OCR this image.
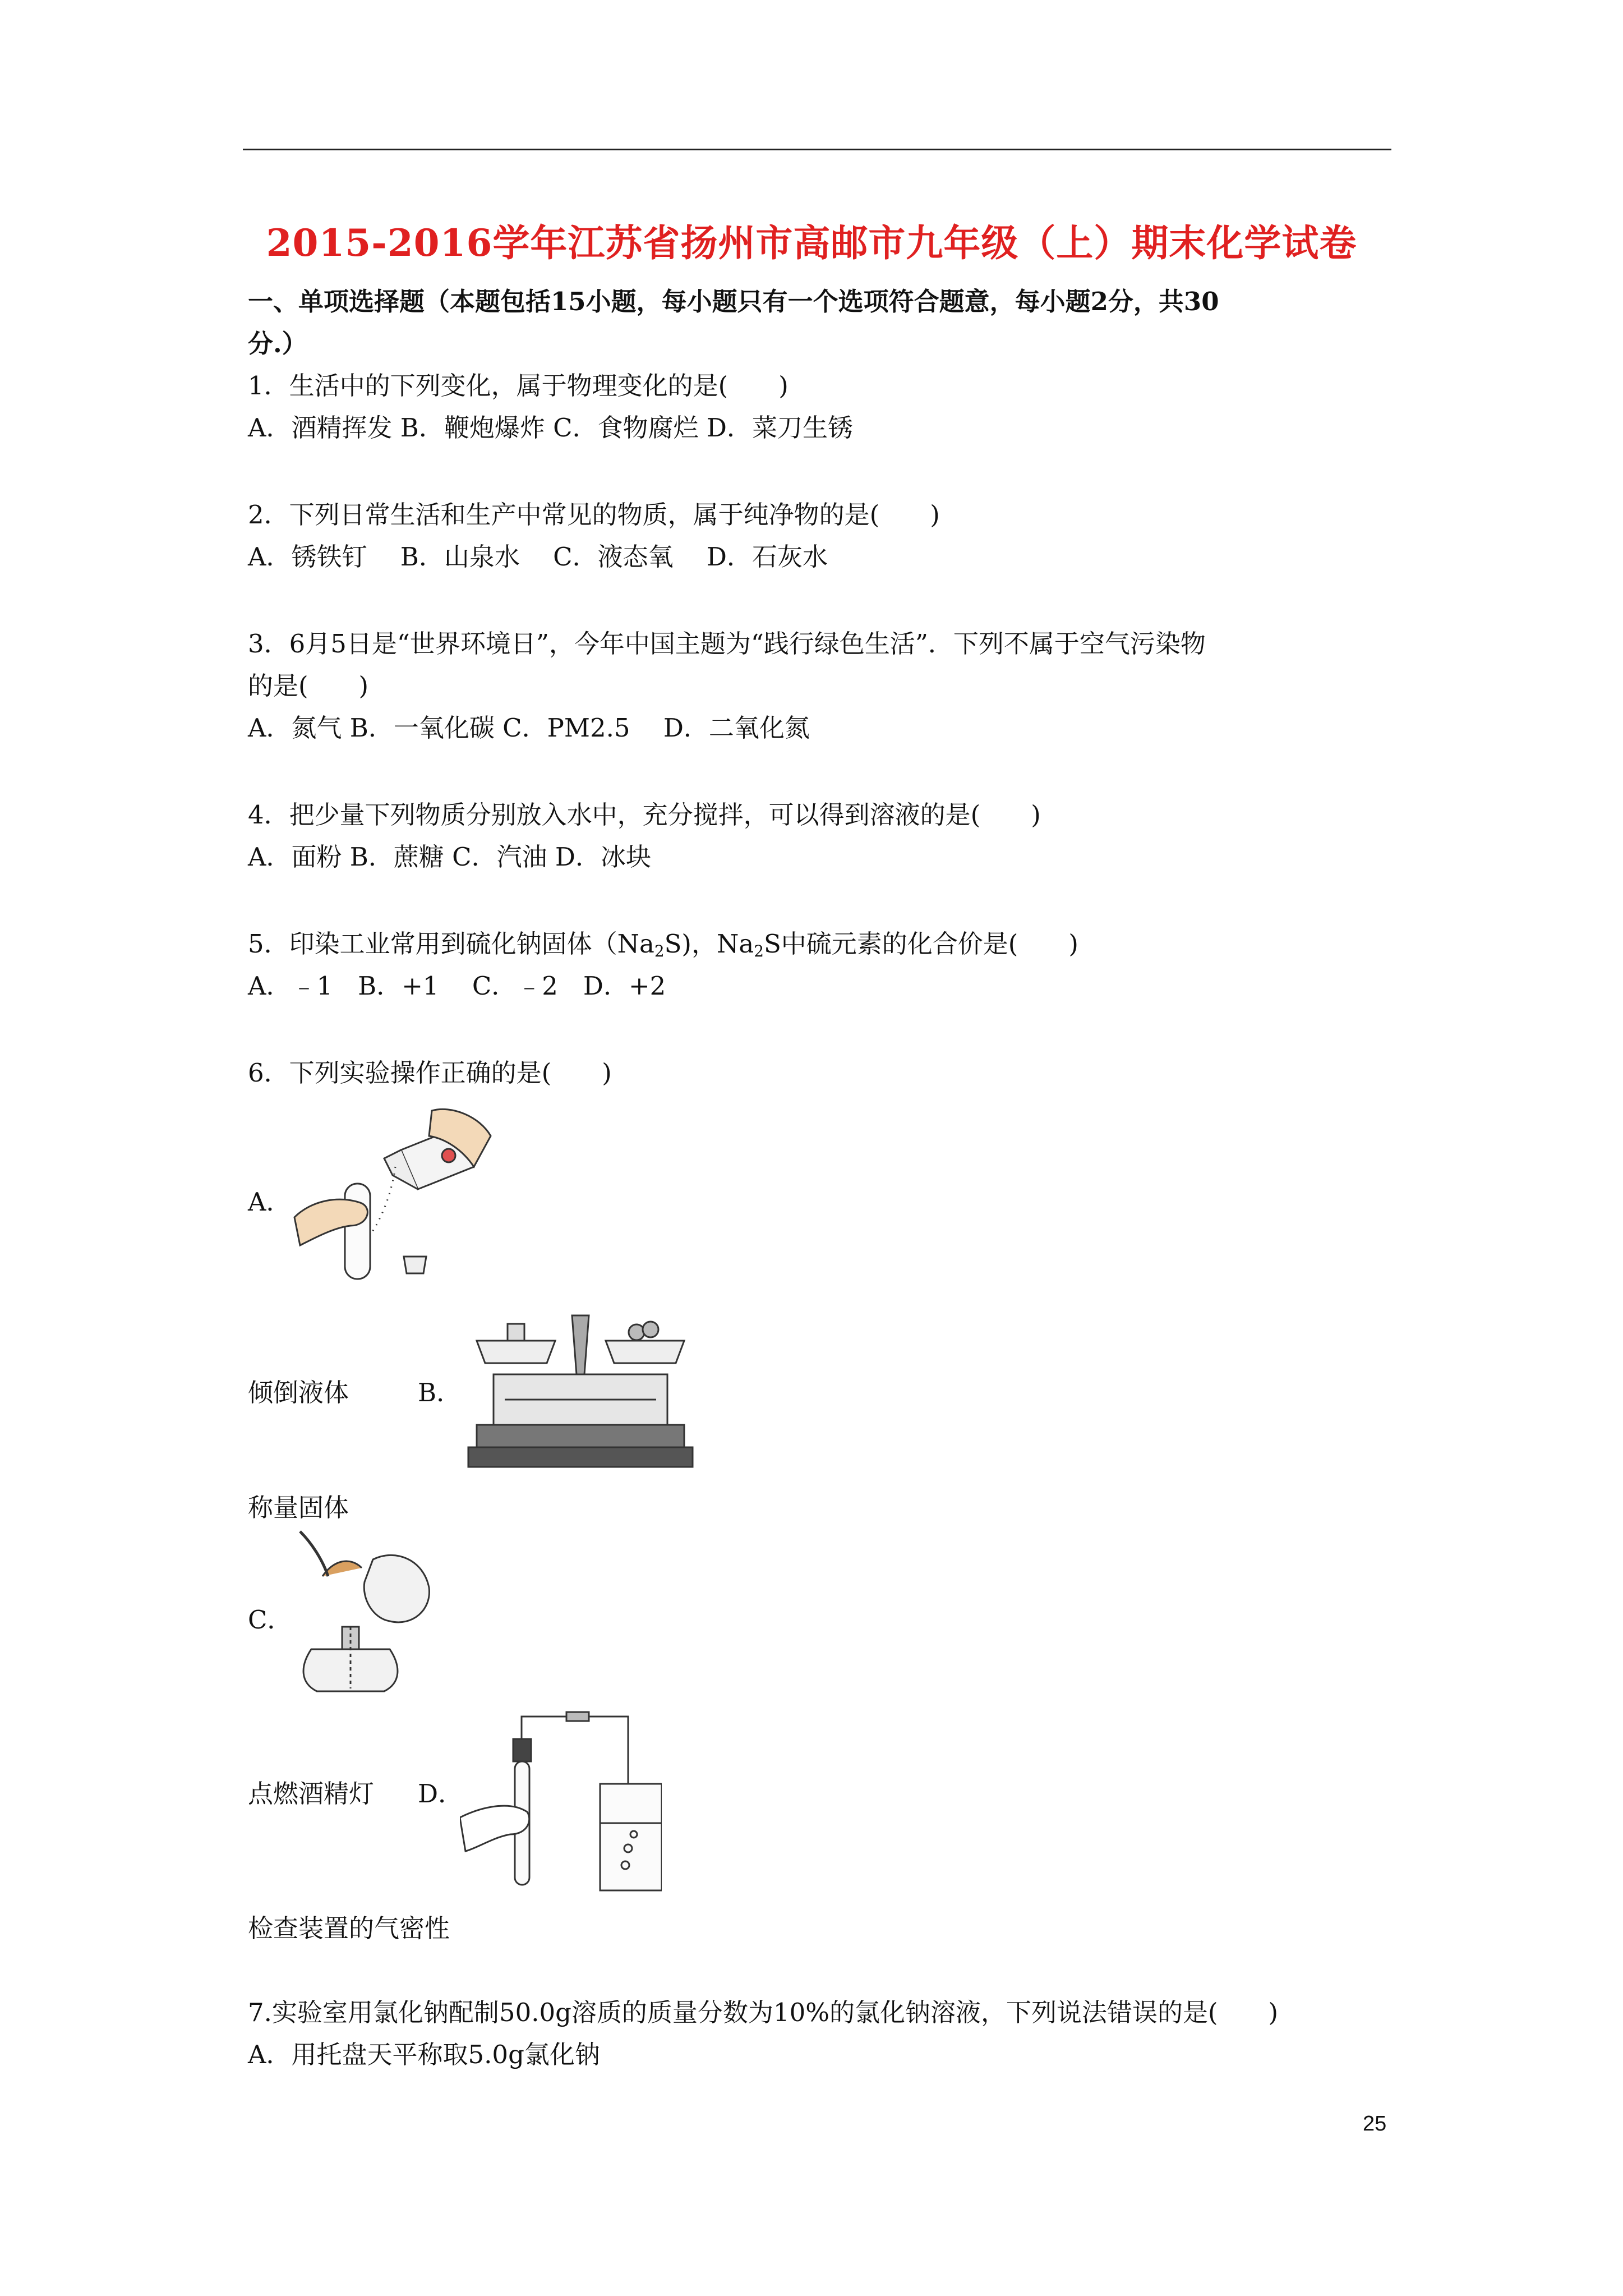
2015-2016学年江苏省扬州市高邮市九年级（上）期末化学试卷
一、单项选择题（本题包括15小题，每小题只有一个选项符合题意，每小题2分，共30
分.）
1．生活中的下列变化，属于物理变化的是(　　)
A．酒精挥发 B．鞭炮爆炸 C．食物腐烂 D．菜刀生锈
2．下列日常生活和生产中常见的物质，属于纯净物的是(　　)
A．锈铁钉　 B．山泉水　 C．液态氧　 D．石灰水
3．6月5日是“世界环境日”，今年中国主题为“践行绿色生活”．下列不属于空气污染物
的是(　　)
A．氮气 B．一氧化碳 C．PM2.5　 D．二氧化氮
4．把少量下列物质分别放入水中，充分搅拌，可以得到溶液的是(　　)
A．面粉 B．蔗糖 C．汽油 D．冰块
5．印染工业常用到硫化钠固体$(Na_2S)$，$Na_2S$中硫元素的化合价是(　　)
A．﹣1　B．+1　 C．﹣2　D．+2
6．下列实验操作正确的是(　　)
A．
倾倒液体	B．
称量固体
C．
点燃酒精灯 D．
检查装置的气密性
7.实验室用氯化钠配制50.0g溶质的质量分数为10%的氯化钠溶液，下列说法错误的是(　　)
A．用托盘天平称取5.0g氯化钠
25
